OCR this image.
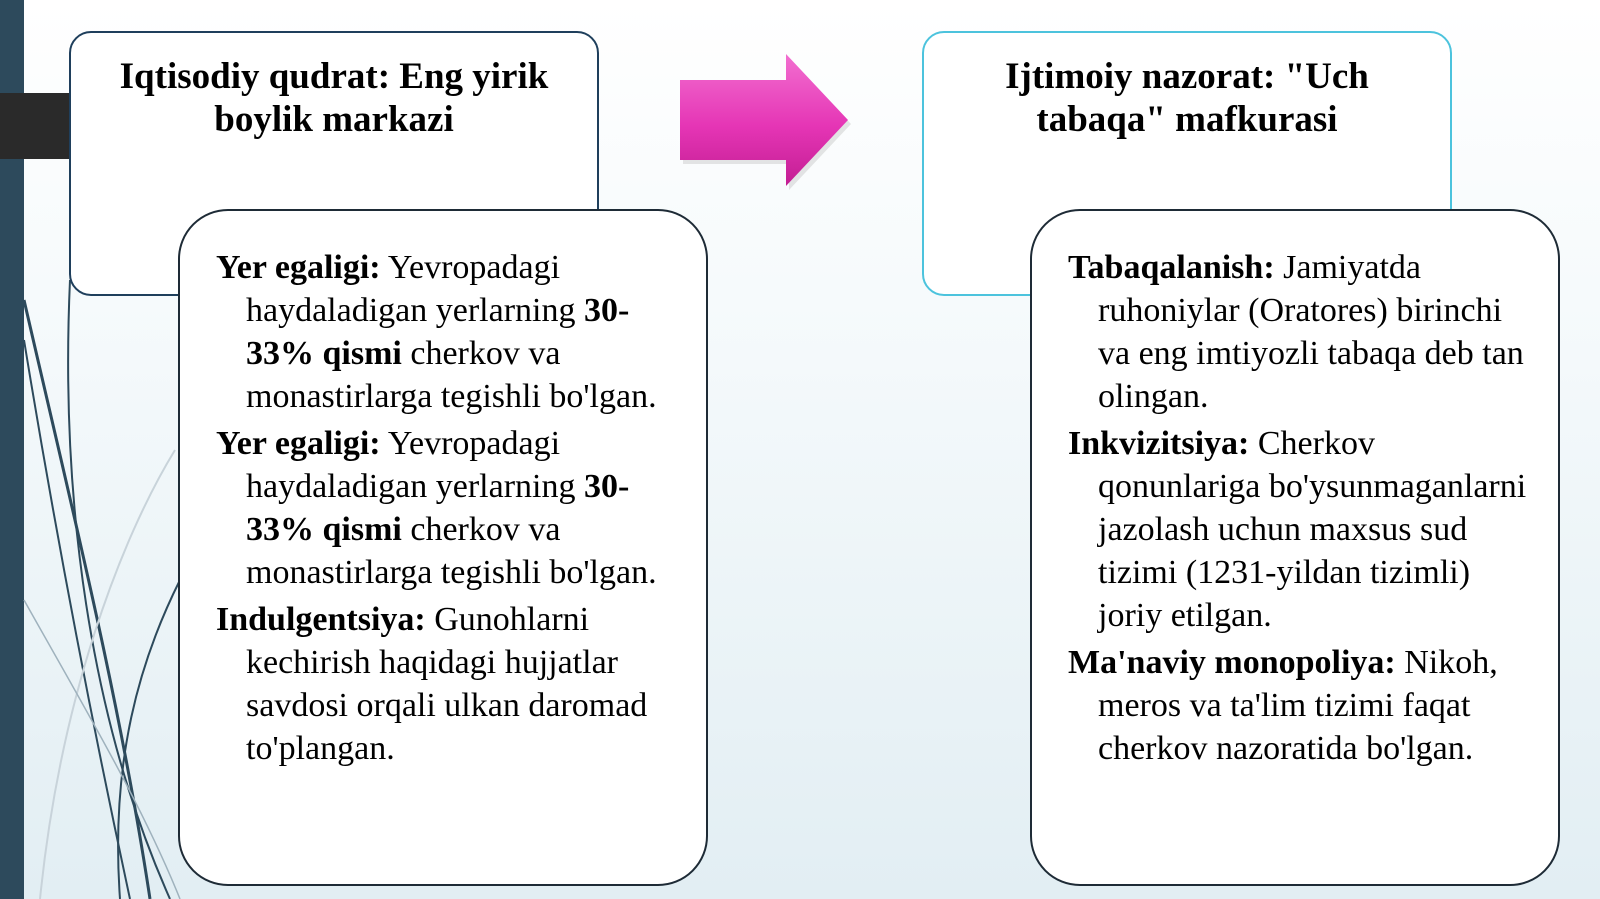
Iqtisodiy qudrat: Eng yirik boylik markazi
Ijtimoiy nazorat: "Uch tabaqa" mafkurasi
Yer egaligi: Yevropadagi haydaladigan yerlarning 30-33% qismi cherkov va monastirlarga tegishli bo'lgan.
Yer egaligi: Yevropadagi haydaladigan yerlarning 30-33% qismi cherkov va monastirlarga tegishli bo'lgan.
Indulgentsiya: Gunohlarni kechirish haqidagi hujjatlar savdosi orqali ulkan daromad to'plangan.
Tabaqalanish: Jamiyatda ruhoniylar (Oratores) birinchi va eng imtiyozli tabaqa deb tan olingan.
Inkvizitsiya: Cherkov qonunlariga bo'ysunmaganlarni jazolash uchun maxsus sud tizimi (1231-yildan tizimli) joriy etilgan.
Ma'naviy monopoliya: Nikoh, meros va ta'lim tizimi faqat cherkov nazoratida bo'lgan.
